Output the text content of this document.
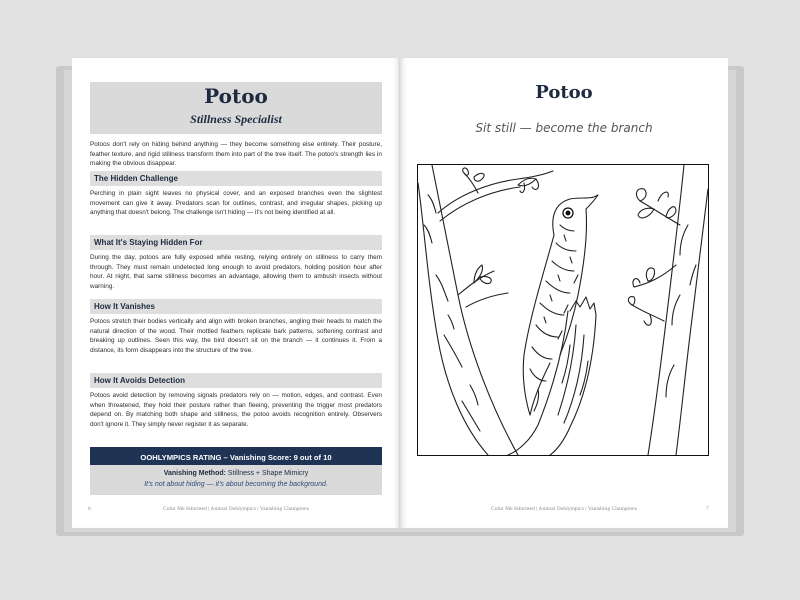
Potoo
Stillness Specialist

Potoos don't rely on hiding behind anything — they become something else entirely. Their posture, feather texture, and rigid stillness transform them into part of the tree itself. The potoo's strength lies in making the obvious disappear.

The Hidden Challenge

Perching in plain sight leaves no physical cover, and an exposed branches even the slightest movement can give it away. Predators scan for outlines, contrast, and irregular shapes, picking up anything that doesn't belong. The challenge isn't hiding — it's not being identified at all.

What It's Staying Hidden For

During the day, potoos are fully exposed while resting, relying entirely on stillness to carry them through. They must remain undetected long enough to avoid predators, holding position hour after hour. At night, that same stillness becomes an advantage, allowing them to ambush insects without warning.

How It Vanishes

Potoos stretch their bodies vertically and align with broken branches, angling their heads to match the natural direction of the wood. Their mottled feathers replicate bark patterns, softening contrast and breaking up outlines. Seen this way, the bird doesn't sit on the branch — it continues it. From a distance, its form disappears into the structure of the tree.

How It Avoids Detection

Potoos avoid detection by removing signals predators rely on — motion, edges, and contrast. Even when threatened, they hold their posture rather than fleeing, preventing the trigger most predators depend on. By matching both shape and stillness, the potoo avoids recognition entirely. Observers don't ignore it. They simply never register it as separate.

OOHLYMPICS RATING – Vanishing Score: 9 out of 10
Vanishing Method: Stillness + Shape Mimicry
It's not about hiding — it's about becoming the background.
6	Color Me Informed | Animal Oohlympics | Vanishing Champions
Potoo

Sit still — become the branch

Color Me Informed | Animal Oohlympics | Vanishing Champions	7
